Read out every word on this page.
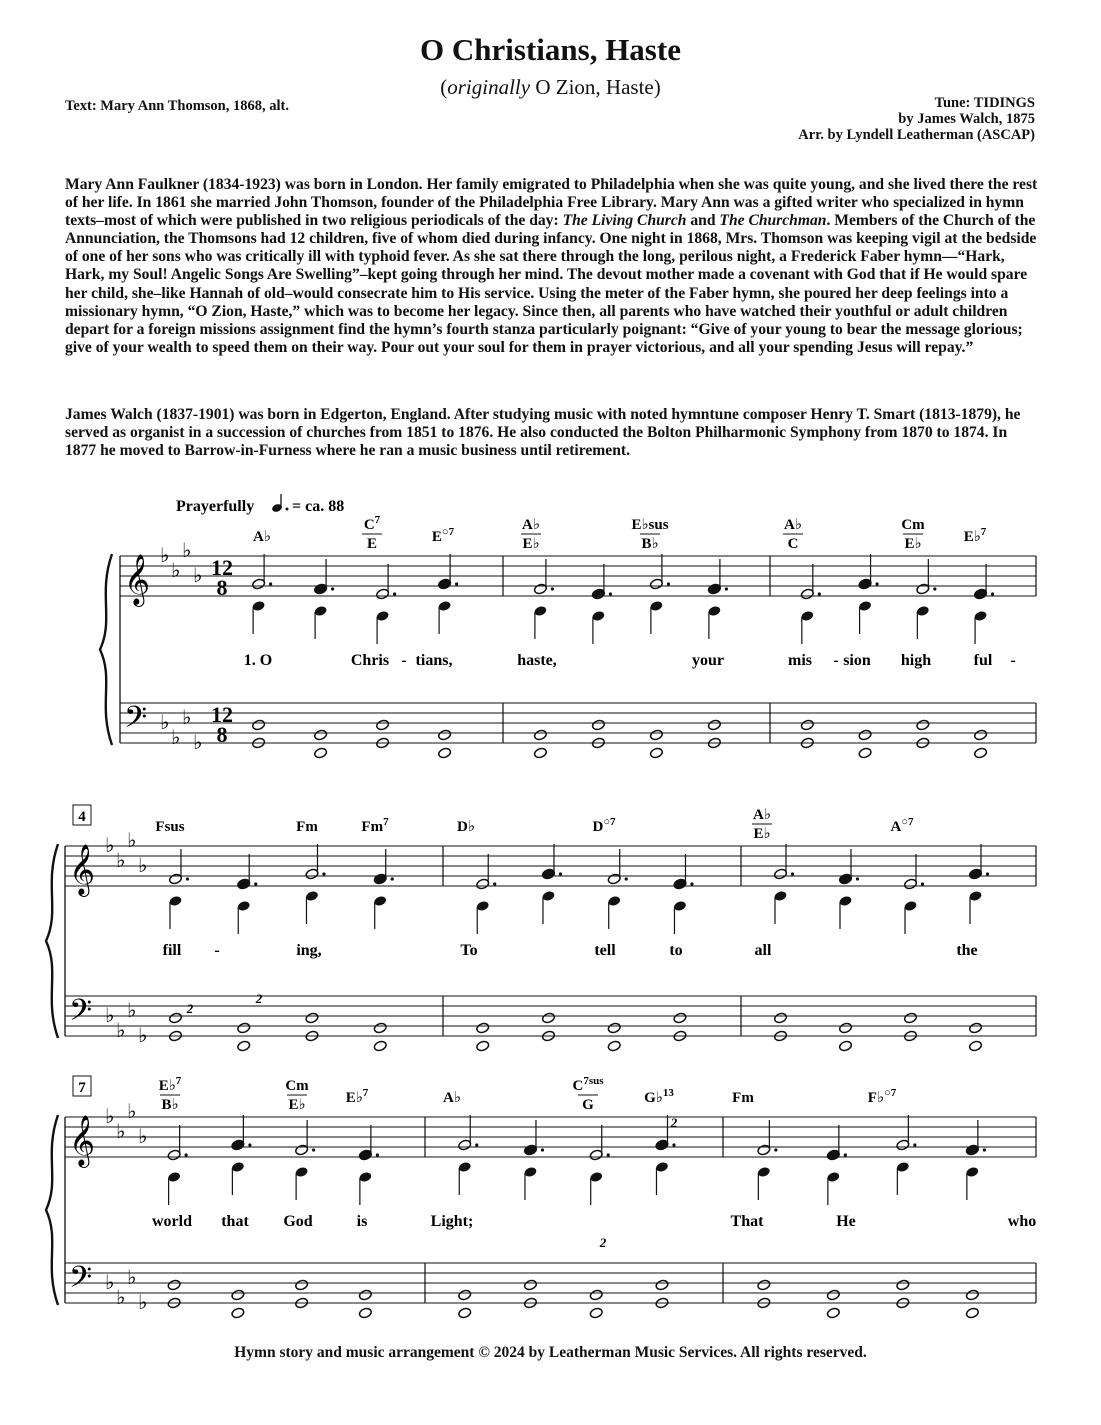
O Christians, Haste
(originally O Zion, Haste)
Text: Mary Ann Thomson, 1868, alt.	Tune: TIDINGS
by James Walch, 1875
Arr. by Lyndell Leatherman (ASCAP)
Mary Ann Faulkner (1834-1923) was born in London. Her family emigrated to Philadelphia when she was quite young, and she lived there the rest of her life. In 1861 she married John Thomson, founder of the Philadelphia Free Library. Mary Ann was a gifted writer who specialized in hymn texts–most of which were published in two religious periodicals of the day: The Living Church and The Churchman. Members of the Church of the Annunciation, the Thomsons had 12 children, five of whom died during infancy. One night in 1868, Mrs. Thomson was keeping vigil at the bedside of one of her sons who was critically ill with typhoid fever. As she sat there through the long, perilous night, a Frederick Faber hymn—“Hark, Hark, my Soul! Angelic Songs Are Swelling”–kept going through her mind. The devout mother made a covenant with God that if He would spare her child, she–like Hannah of old–would consecrate him to His service. Using the meter of the Faber hymn, she poured her deep feelings into a missionary hymn, “O Zion, Haste,” which was to become her legacy. Since then, all parents who have watched their youthful or adult children depart for a foreign missions assignment find the hymn’s fourth stanza particularly poignant: “Give of your young to bear the message glorious; give of your wealth to speed them on their way. Pour out your soul for them in prayer victorious, and all your spending Jesus will repay.”
James Walch (1837-1901) was born in Edgerton, England. After studying music with noted hymntune composer Henry T. Smart (1813-1879), he served as organist in a succession of churches from 1851 to 1876. He also conducted the Bolton Philharmonic Symphony from 1870 to 1874. In 1877 he moved to Barrow-in-Furness where he ran a music business until retirement.
Prayerfully = ca. 88
𝄞
𝄢
♭
♭
♭
♭
♭
♭
♭
♭
12
8
12
8
A♭
$C^7$
E	$E^{○7}$	A♭
E♭
E♭sus
B♭
A♭
C
Cm
E♭	E♭$^7$
1. O	Chris - tians,	haste,	your	mis - sion high	ful -
𝄞
𝄢
♭
♭
♭
♭
♭
♭
♭
♭
4
Fsus	Fm	Fm$^7$	D♭	$D^{○7}$	A♭
E♭	$A^{○7}$
fill -	ing,	To	tell	to	all	the
𝄞
𝄢
♭
♭
♭
♭
♭
♭
♭
♭
7	E♭$^7$
B♭
Cm
E♭	E♭$^7$	A♭
$C^{7sus}$
G	G♭$^{13}$	Fm	F♭$^{○7}$
world that God	is	Light;	That	He	who
2
2
2
2
Hymn story and music arrangement © 2024 by Leatherman Music Services. All rights reserved.
